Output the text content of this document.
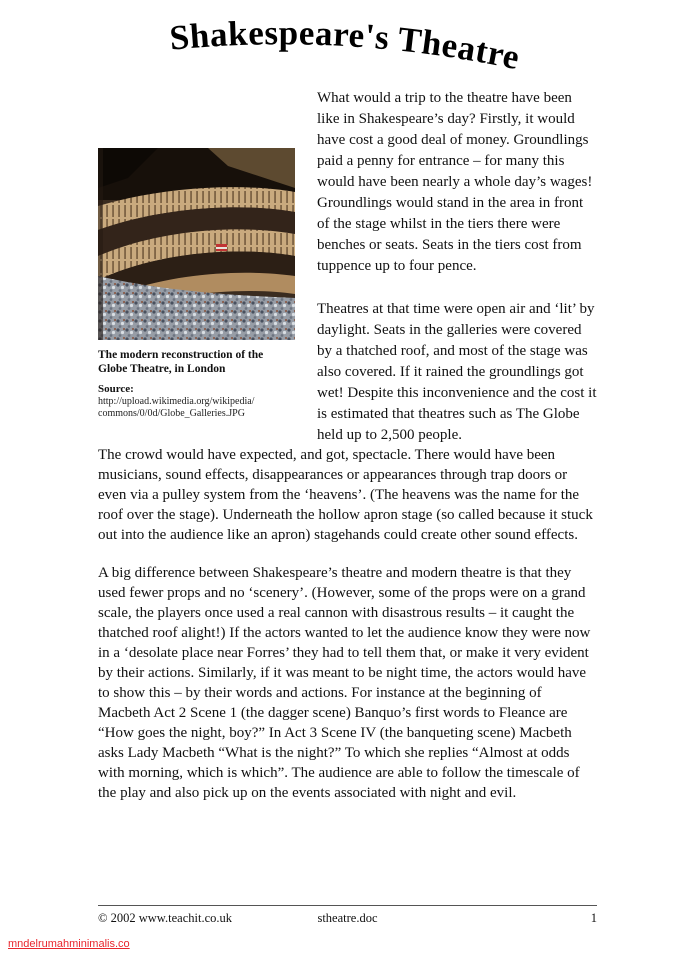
Shakespeare's Theatre
The modern reconstruction of the Globe Theatre, in London
Source:
http://upload.wikimedia.org/wikipedia/
commons/0/0d/Globe_Galleries.JPG

What would a trip to the theatre have been like in Shakespeare’s day? Firstly, it would have cost a good deal of money. Groundlings paid a penny for entrance – for many this would have been nearly a whole day’s wages! Groundlings would stand in the area in front of the stage whilst in the tiers there were benches or seats. Seats in the tiers cost from tuppence up to four pence.

Theatres at that time were open air and ‘lit’ by daylight. Seats in the galleries were covered by a thatched roof, and most of the stage was also covered. If it rained the groundlings got wet! Despite this inconvenience and the cost it is estimated that theatres such as The Globe held up to 2,500 people.

The crowd would have expected, and got, spectacle. There would have been musicians, sound effects, disappearances or appearances through trap doors or even via a pulley system from the ‘heavens’. (The heavens was the name for the roof over the stage). Underneath the hollow apron stage (so called because it stuck out into the audience like an apron) stagehands could create other sound effects.

A big difference between Shakespeare’s theatre and modern theatre is that they used fewer props and no ‘scenery’. (However, some of the props were on a grand scale, the players once used a real cannon with disastrous results – it caught the thatched roof alight!) If the actors wanted to let the audience know they were now in a ‘desolate place near Forres’ they had to tell them that, or make it very evident by their actions. Similarly, if it was meant to be night time, the actors would have to show this – by their words and actions. For instance at the beginning of Macbeth Act 2 Scene 1 (the dagger scene) Banquo’s first words to Fleance are “How goes the night, boy?” In Act 3 Scene IV (the banqueting scene) Macbeth asks Lady Macbeth “What is the night?” To which she replies “Almost at odds with morning, which is which”. The audience are able to follow the timescale of the play and also pick up on the events associated with night and evil.

© 2002 www.teachit.co.uk	stheatre.doc	1
mndelrumahminimalis.co
